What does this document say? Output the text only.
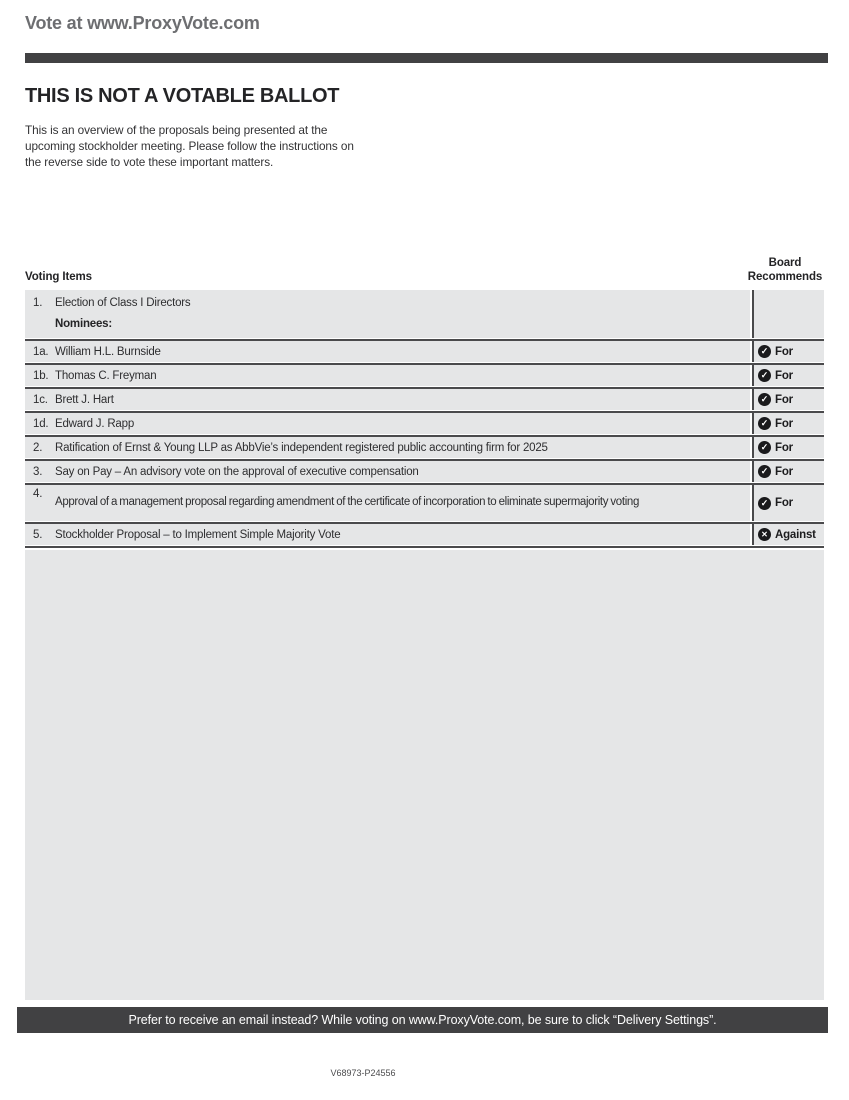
Vote at www.ProxyVote.com
THIS IS NOT A VOTABLE BALLOT
This is an overview of the proposals being presented at the
upcoming stockholder meeting. Please follow the instructions on
the reverse side to vote these important matters.
Voting Items
Board
Recommends
1.	Election of Class I Directors
Nominees:
1a. William H.L. Burnside ✓	For
1b. Thomas C. Freyman ✓	For
1c. Brett J. Hart ✓	For
1d. Edward J. Rapp ✓	For
2.	Ratification of Ernst & Young LLP as AbbVie’s independent registered public accounting firm for 2025 ✓	For
3.	Say on Pay – An advisory vote on the approval of executive compensation ✓	For
4.
Approval of a management proposal regarding amendment of the certificate of incorporation to eliminate supermajority voting ✓	For
5.	Stockholder Proposal – to Implement Simple Majority Vote ✕	Against
Prefer to receive an email instead? While voting on www.ProxyVote.com, be sure to click “Delivery Settings”.
V68973-P24556
